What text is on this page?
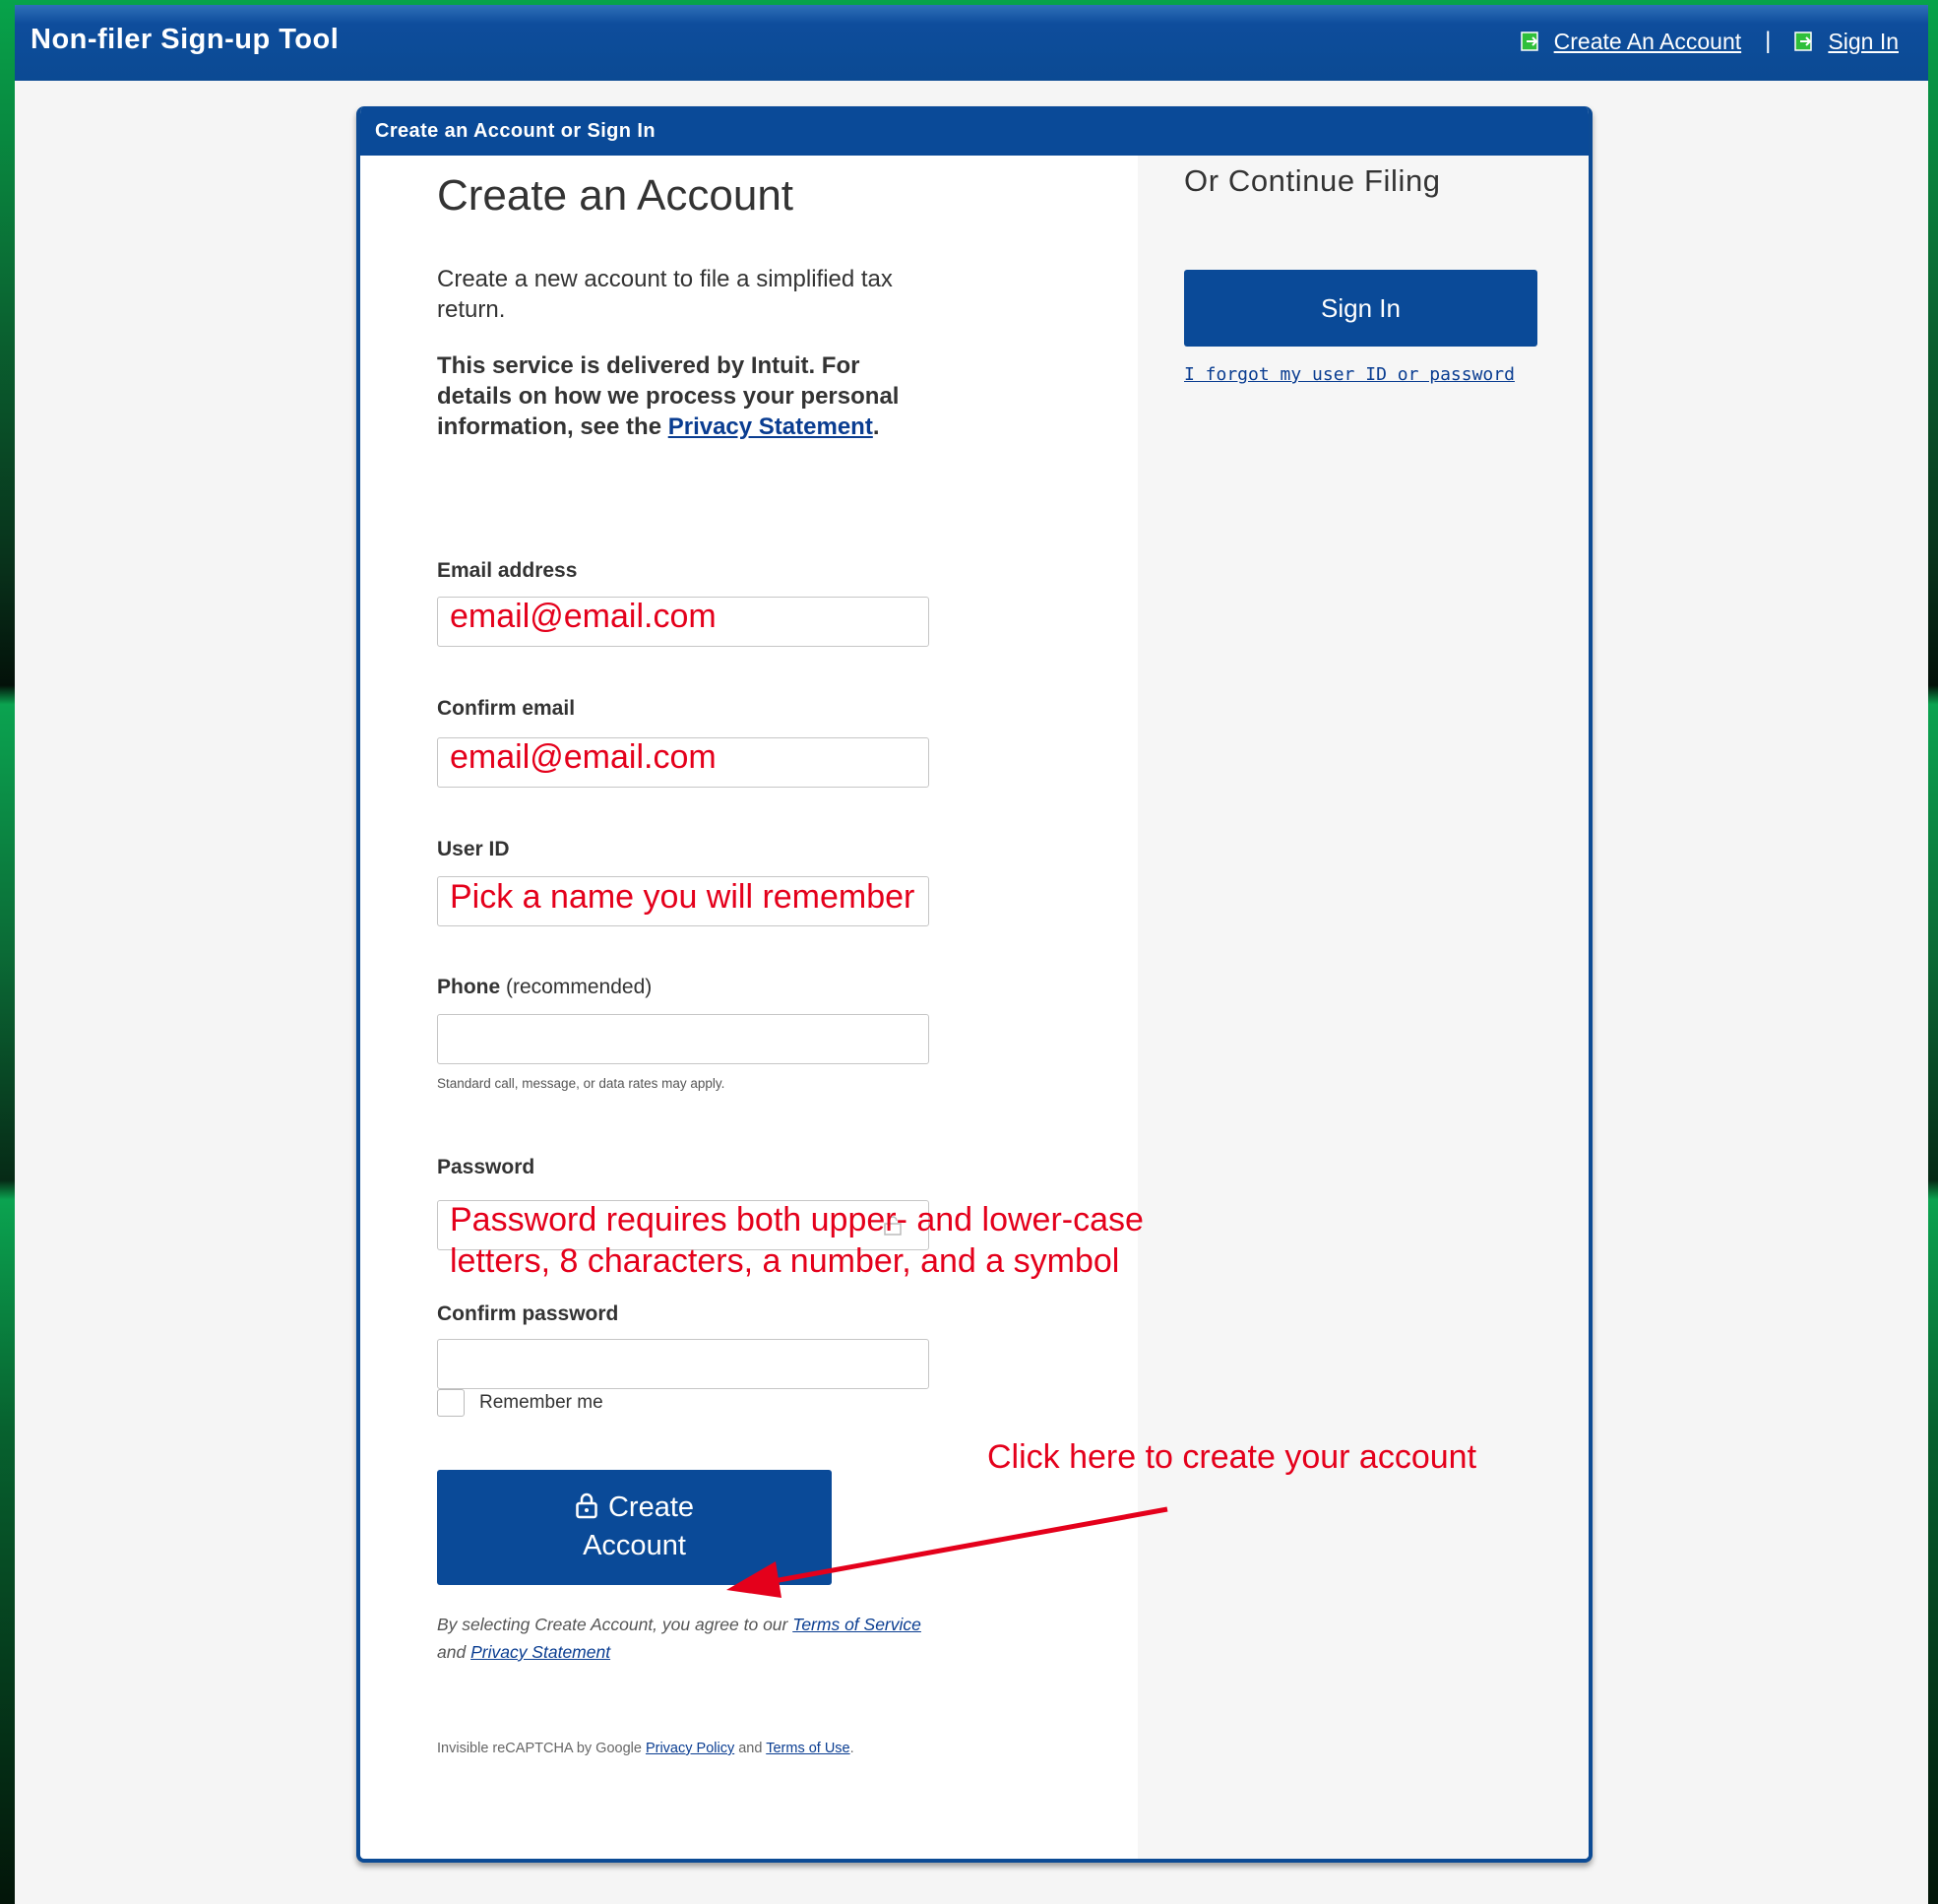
Non-filer Sign-up Tool	Create An Account |	Sign In
Create an Account or Sign In
Create an Account
Create a new account to file a simplified tax return.
This service is delivered by Intuit. For details on how we process your personal information, see the Privacy Statement.
Email address
email@email.com
Confirm email
email@email.com
User ID
Pick a name you will remember
Phone (recommended)
Standard call, message, or data rates may apply.
Password
Password requires both upper- and lower-case
letters, 8 characters, a number, and a symbol
Confirm password
Remember me
Create
Account
Click here to create your account
By selecting Create Account, you agree to our Terms of Service
and Privacy Statement
Invisible reCAPTCHA by Google Privacy Policy and Terms of Use.
Or Continue Filing
Sign In
I forgot my user ID or password
